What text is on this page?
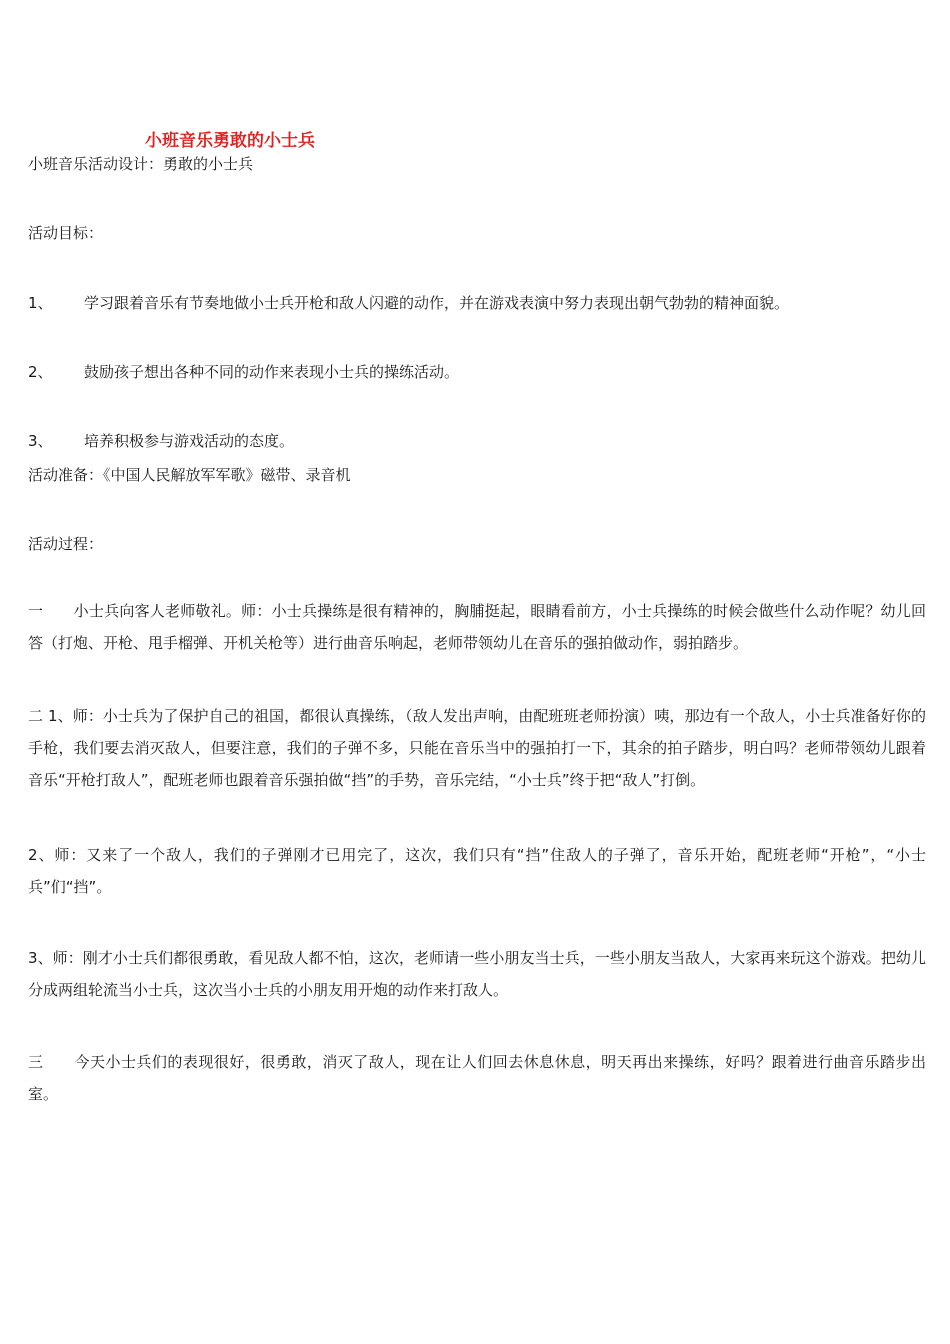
小班音乐勇敢的小士兵
小班音乐活动设计：勇敢的小士兵
活动目标：
1、 学习跟着音乐有节奏地做小士兵开枪和敌人闪避的动作，并在游戏表演中努力表现出朝气勃勃的精神面貌。
2、 鼓励孩子想出各种不同的动作来表现小士兵的操练活动。
3、 培养积极参与游戏活动的态度。
活动准备：《中国人民解放军军歌》磁带、录音机
活动过程：
一　　小士兵向客人老师敬礼。师：小士兵操练是很有精神的，胸脯挺起，眼睛看前方，小士兵操练的时候会做些什么动作呢？幼儿回答（打炮、开枪、甩手榴弹、开机关枪等）进行曲音乐响起，老师带领幼儿在音乐的强拍做动作，弱拍踏步。
二 1、师：小士兵为了保护自己的祖国，都很认真操练，（敌人发出声响，由配班班老师扮演）咦，那边有一个敌人，小士兵准备好你的手枪，我们要去消灭敌人，但要注意，我们的子弹不多，只能在音乐当中的强拍打一下，其余的拍子踏步，明白吗？老师带领幼儿跟着音乐“开枪打敌人”，配班老师也跟着音乐强拍做“挡”的手势，音乐完结，“小士兵”终于把“敌人”打倒。
2、师：又来了一个敌人，我们的子弹刚才已用完了，这次，我们只有“挡”住敌人的子弹了，音乐开始，配班老师“开枪”，“小士兵”们“挡”。
3、师：刚才小士兵们都很勇敢，看见敌人都不怕，这次，老师请一些小朋友当士兵，一些小朋友当敌人，大家再来玩这个游戏。把幼儿分成两组轮流当小士兵，这次当小士兵的小朋友用开炮的动作来打敌人。
三　　今天小士兵们的表现很好，很勇敢，消灭了敌人，现在让人们回去休息休息，明天再出来操练，好吗？跟着进行曲音乐踏步出室。
